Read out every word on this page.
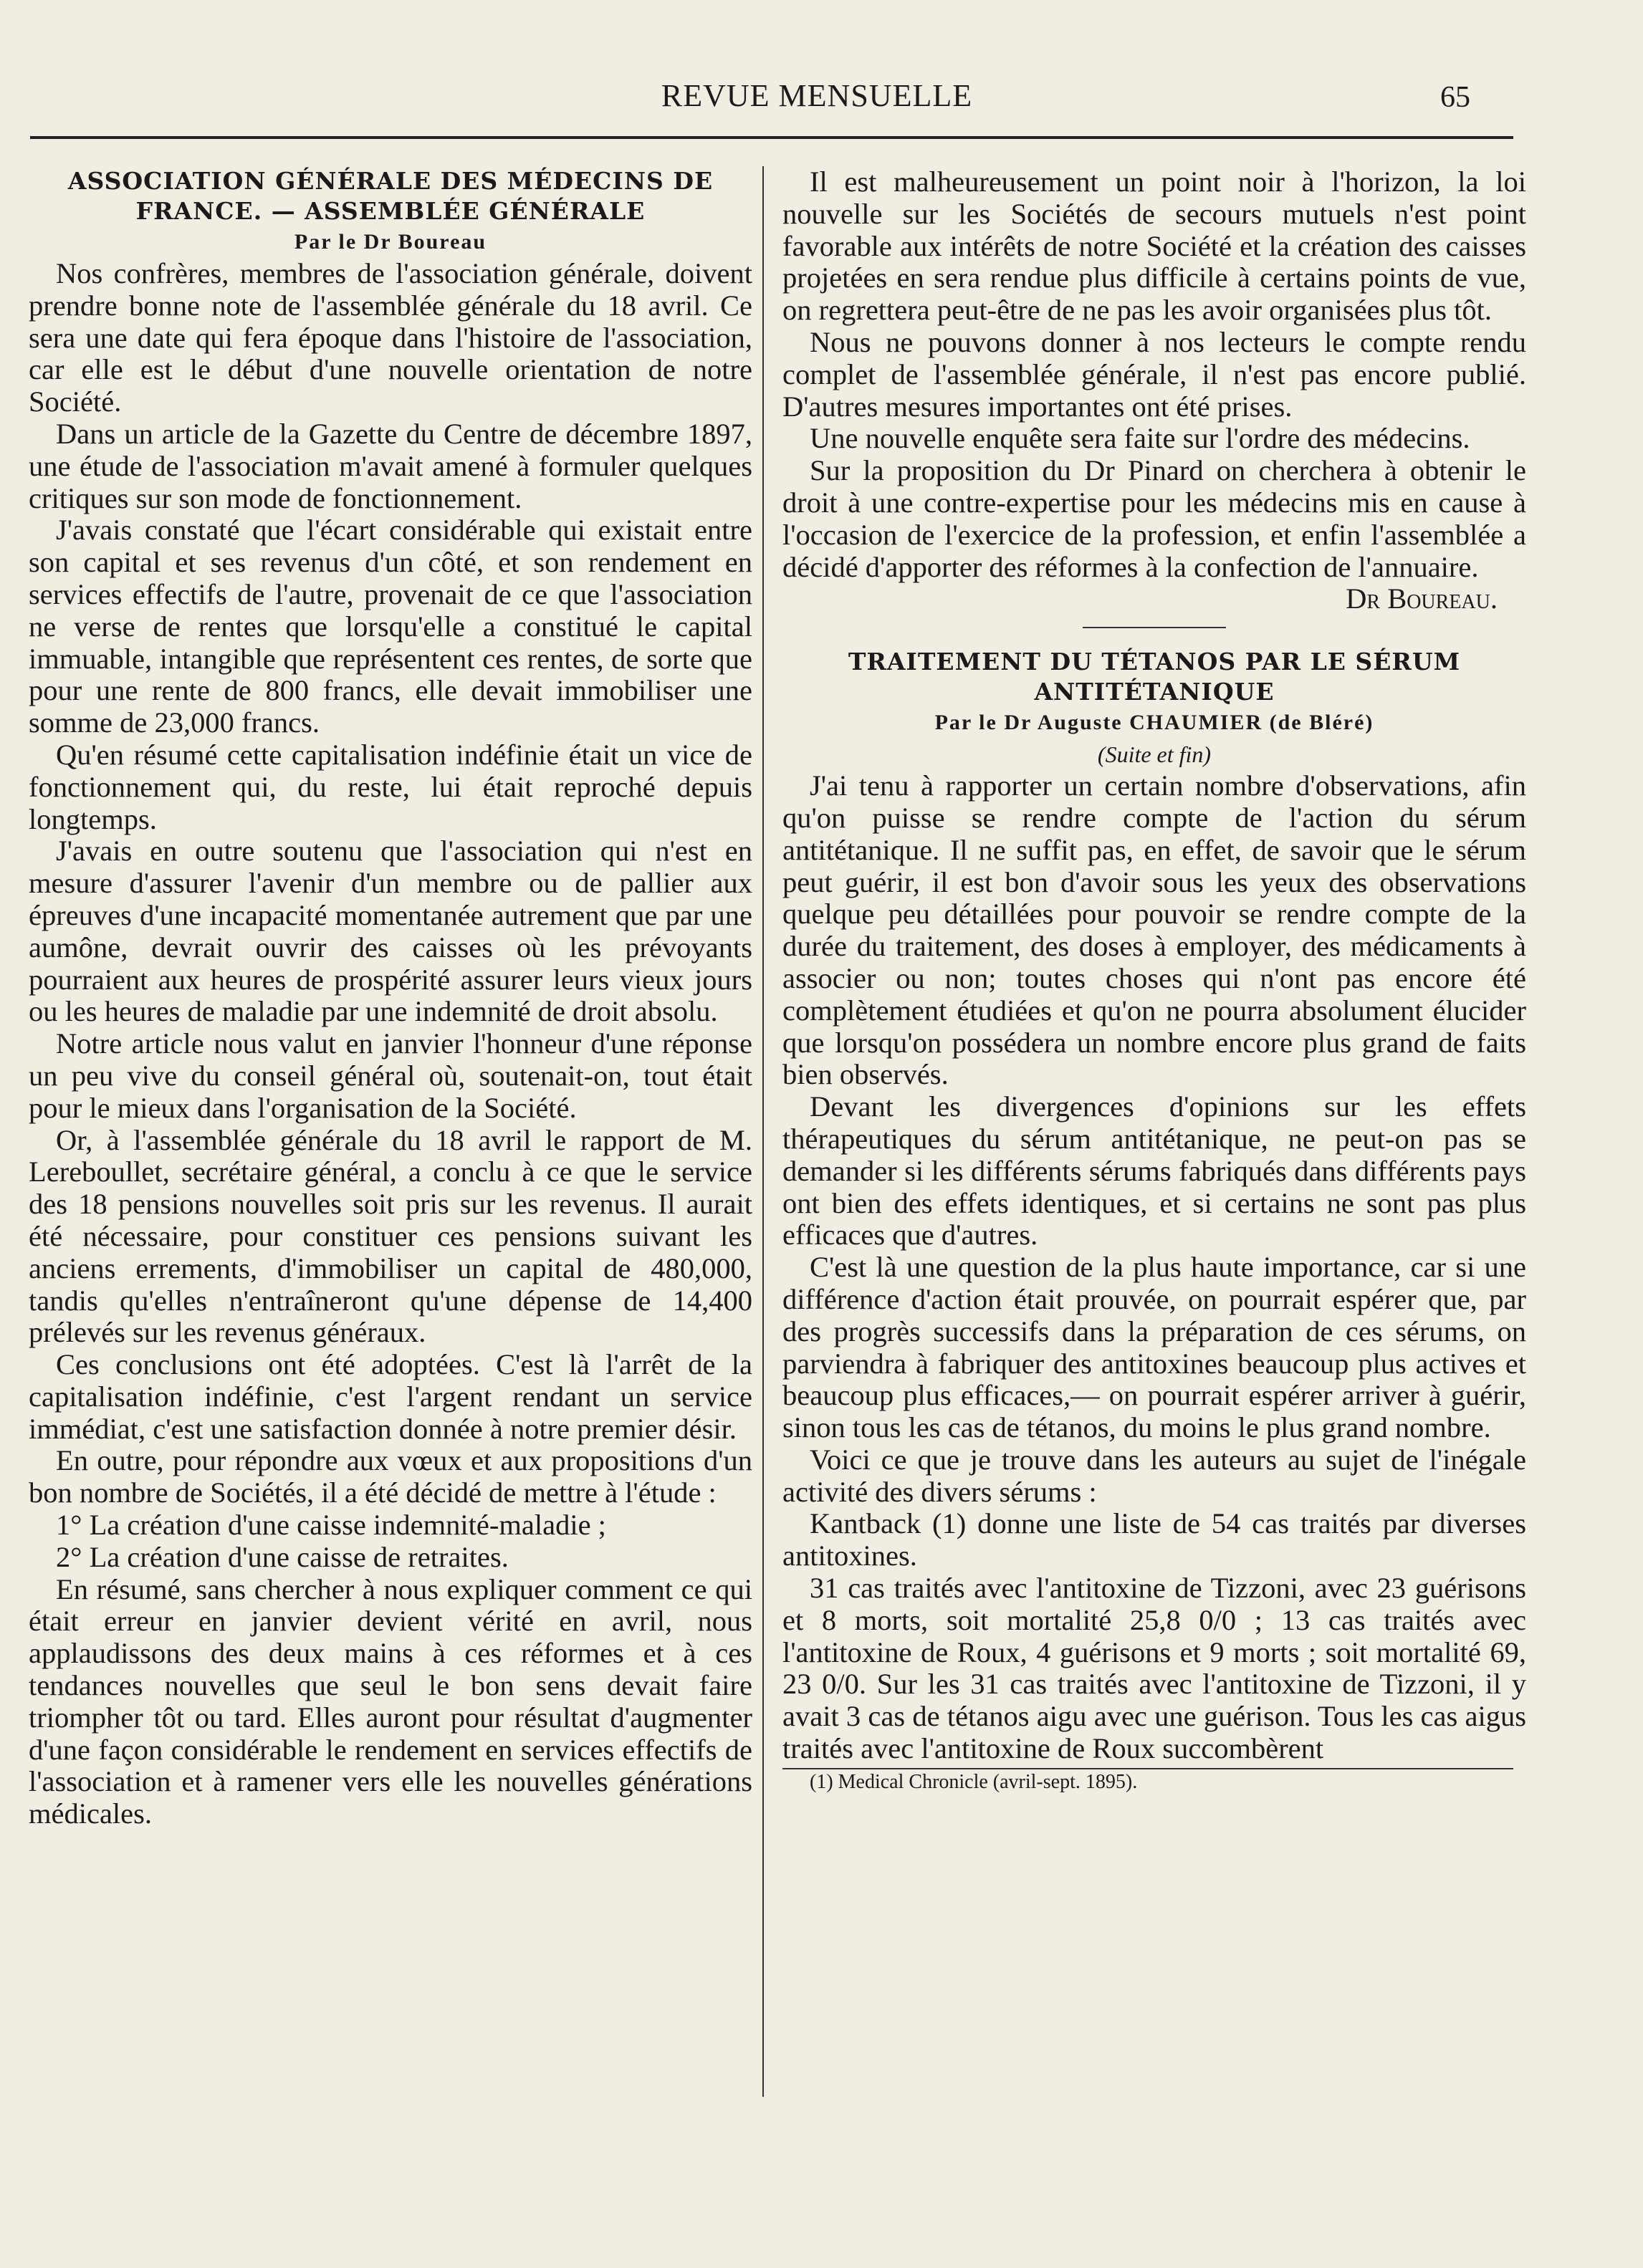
REVUE MENSUELLE	65

ASSOCIATION GÉNÉRALE DES MÉDECINS DE FRANCE. — ASSEMBLÉE GÉNÉRALE

Par le Dr Boureau

Nos confrères, membres de l'association générale, doivent prendre bonne note de l'assemblée générale du 18 avril. Ce sera une date qui fera époque dans l'histoire de l'association, car elle est le début d'une nouvelle orientation de notre Société.

Dans un article de la Gazette du Centre de décembre 1897, une étude de l'association m'avait amené à formuler quelques critiques sur son mode de fonctionnement.

J'avais constaté que l'écart considérable qui existait entre son capital et ses revenus d'un côté, et son rendement en services effectifs de l'autre, provenait de ce que l'association ne verse de rentes que lorsqu'elle a constitué le capital immuable, intangible que représentent ces rentes, de sorte que pour une rente de 800 francs, elle devait immobiliser une somme de 23,000 francs.

Qu'en résumé cette capitalisation indéfinie était un vice de fonctionnement qui, du reste, lui était reproché depuis longtemps.

J'avais en outre soutenu que l'association qui n'est en mesure d'assurer l'avenir d'un membre ou de pallier aux épreuves d'une incapacité momentanée autrement que par une aumône, devrait ouvrir des caisses où les prévoyants pourraient aux heures de prospérité assurer leurs vieux jours ou les heures de maladie par une indemnité de droit absolu.

Notre article nous valut en janvier l'honneur d'une réponse un peu vive du conseil général où, soutenait-on, tout était pour le mieux dans l'organisation de la Société.

Or, à l'assemblée générale du 18 avril le rapport de M. Lereboullet, secrétaire général, a conclu à ce que le service des 18 pensions nouvelles soit pris sur les revenus. Il aurait été nécessaire, pour constituer ces pensions suivant les anciens errements, d'immobiliser un capital de 480,000, tandis qu'elles n'entraîneront qu'une dépense de 14,400 prélevés sur les revenus généraux.

Ces conclusions ont été adoptées. C'est là l'arrêt de la capitalisation indéfinie, c'est l'argent rendant un service immédiat, c'est une satisfaction donnée à notre premier désir.

En outre, pour répondre aux vœux et aux propositions d'un bon nombre de Sociétés, il a été décidé de mettre à l'étude :

1° La création d'une caisse indemnité-maladie ;

2° La création d'une caisse de retraites.

En résumé, sans chercher à nous expliquer comment ce qui était erreur en janvier devient vérité en avril, nous applaudissons des deux mains à ces réformes et à ces tendances nouvelles que seul le bon sens devait faire triompher tôt ou tard. Elles auront pour résultat d'augmenter d'une façon considérable le rendement en services effectifs de l'association et à ramener vers elle les nouvelles générations médicales.

Il est malheureusement un point noir à l'horizon, la loi nouvelle sur les Sociétés de secours mutuels n'est point favorable aux intérêts de notre Société et la création des caisses projetées en sera rendue plus difficile à certains points de vue, on regrettera peut-être de ne pas les avoir organisées plus tôt.

Nous ne pouvons donner à nos lecteurs le compte rendu complet de l'assemblée générale, il n'est pas encore publié. D'autres mesures importantes ont été prises.

Une nouvelle enquête sera faite sur l'ordre des médecins.

Sur la proposition du Dr Pinard on cherchera à obtenir le droit à une contre-expertise pour les médecins mis en cause à l'occasion de l'exercice de la profession, et enfin l'assemblée a décidé d'apporter des réformes à la confection de l'annuaire.

Dr Boureau.

TRAITEMENT DU TÉTANOS PAR LE SÉRUM ANTITÉTANIQUE

Par le Dr Auguste CHAUMIER (de Bléré)

(Suite et fin)

J'ai tenu à rapporter un certain nombre d'observations, afin qu'on puisse se rendre compte de l'action du sérum antitétanique. Il ne suffit pas, en effet, de savoir que le sérum peut guérir, il est bon d'avoir sous les yeux des observations quelque peu détaillées pour pouvoir se rendre compte de la durée du traitement, des doses à employer, des médicaments à associer ou non; toutes choses qui n'ont pas encore été complètement étudiées et qu'on ne pourra absolument élucider que lorsqu'on possédera un nombre encore plus grand de faits bien observés.

Devant les divergences d'opinions sur les effets thérapeutiques du sérum antitétanique, ne peut-on pas se demander si les différents sérums fabriqués dans différents pays ont bien des effets identiques, et si certains ne sont pas plus efficaces que d'autres.

C'est là une question de la plus haute importance, car si une différence d'action était prouvée, on pourrait espérer que, par des progrès successifs dans la préparation de ces sérums, on parviendra à fabriquer des antitoxines beaucoup plus actives et beaucoup plus efficaces,— on pourrait espérer arriver à guérir, sinon tous les cas de tétanos, du moins le plus grand nombre.

Voici ce que je trouve dans les auteurs au sujet de l'inégale activité des divers sérums :

Kantback (1) donne une liste de 54 cas traités par diverses antitoxines.

31 cas traités avec l'antitoxine de Tizzoni, avec 23 guérisons et 8 morts, soit mortalité 25,8 0/0 ; 13 cas traités avec l'antitoxine de Roux, 4 guérisons et 9 morts ; soit mortalité 69, 23 0/0. Sur les 31 cas traités avec l'antitoxine de Tizzoni, il y avait 3 cas de tétanos aigu avec une guérison. Tous les cas aigus traités avec l'antitoxine de Roux succombèrent

(1) Medical Chronicle (avril-sept. 1895).
